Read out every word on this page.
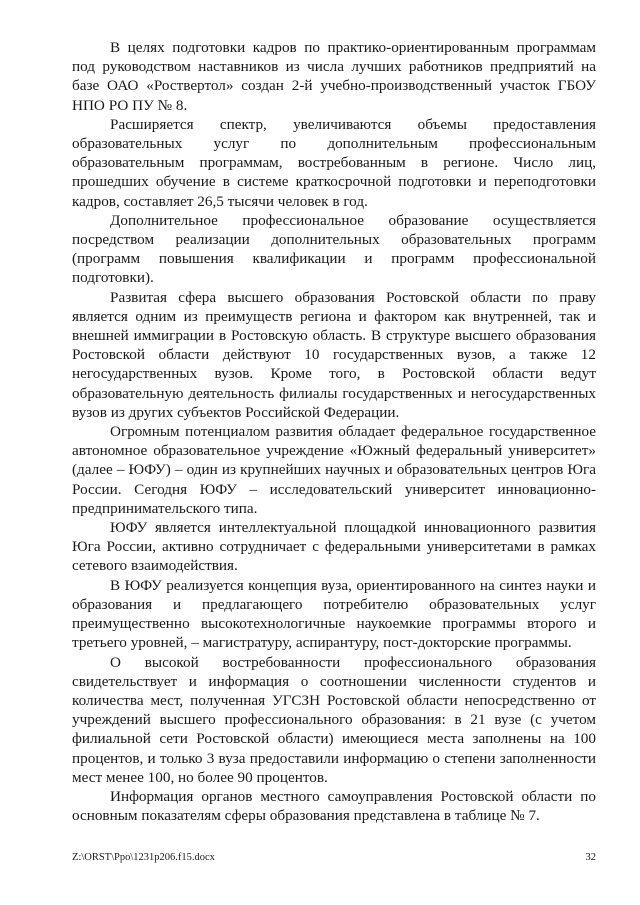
В целях подготовки кадров по практико-ориентированным программам под руководством наставников из числа лучших работников предприятий на базе ОАО «Роствертол» создан 2-й учебно-производственный участок ГБОУ НПО РО ПУ № 8.

Расширяется спектр, увеличиваются объемы предоставления образовательных услуг по дополнительным профессиональным образовательным программам, востребованным в регионе. Число лиц, прошедших обучение в системе краткосрочной подготовки и переподготовки кадров, составляет 26,5 тысячи человек в год.

Дополнительное профессиональное образование осуществляется посредством реализации дополнительных образовательных программ (программ повышения квалификации и программ профессиональной подготовки).

Развитая сфера высшего образования Ростовской области по праву является одним из преимуществ региона и фактором как внутренней, так и внешней иммиграции в Ростовскую область. В структуре высшего образования Ростовской области действуют 10 государственных вузов, а также 12 негосударственных вузов. Кроме того, в Ростовской области ведут образовательную деятельность филиалы государственных и негосударственных вузов из других субъектов Российской Федерации.

Огромным потенциалом развития обладает федеральное государственное автономное образовательное учреждение «Южный федеральный университет» (далее – ЮФУ) – один из крупнейших научных и образовательных центров Юга России. Сегодня ЮФУ – исследовательский университет инновационно-предпринимательского типа.

ЮФУ является интеллектуальной площадкой инновационного развития Юга России, активно сотрудничает с федеральными университетами в рамках сетевого взаимодействия.

В ЮФУ реализуется концепция вуза, ориентированного на синтез науки и образования и предлагающего потребителю образовательных услуг преимущественно высокотехнологичные наукоемкие программы второго и третьего уровней, – магистратуру, аспирантуру, пост-докторские программы.

О высокой востребованности профессионального образования свидетельствует и информация о соотношении численности студентов и количества мест, полученная УГСЗН Ростовской области непосредственно от учреждений высшего профессионального образования: в 21 вузе (с учетом филиальной сети Ростовской области) имеющиеся места заполнены на 100 процентов, и только 3 вуза предоставили информацию о степени заполненности мест менее 100, но более 90 процентов.

Информация органов местного самоуправления Ростовской области по основным показателям сферы образования представлена в таблице № 7.

Z:\ORST\Ppo\1231p206.f15.docx	32
